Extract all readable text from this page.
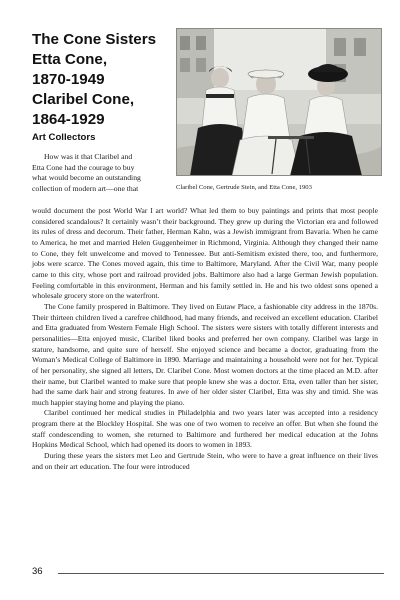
The Cone Sisters
Etta Cone,
1870-1949
Claribel Cone,
1864-1929
Art Collectors
Claribel Cone, Gertrude Stein, and Etta Cone, 1903
How was it that Claribel and
Etta Cone had the courage to buy
what would become an outstanding
collection of modern art—one that

would document the post World War I art world? What led them to buy paintings and prints that most people considered scandalous? It certainly wasn’t their background. They grew up during the Victorian era and followed its rules of dress and decorum. Their father, Herman Kahn, was a Jewish immigrant from Bavaria. When he came to America, he met and married Helen Guggenheimer in Richmond, Virginia. Although they changed their name to Cone, they felt unwelcome and moved to Tennessee. But anti-Semitism existed there, too, and furthermore, jobs were scarce. The Cones moved again, this time to Baltimore, Maryland. After the Civil War, many people came to this city, whose port and railroad provided jobs. Baltimore also had a large German Jewish population. Feeling comfortable in this environment, Herman and his family settled in. He and his two oldest sons opened a wholesale grocery store on the waterfront.

The Cone family prospered in Baltimore. They lived on Eutaw Place, a fashionable city address in the 1870s. Their thirteen children lived a carefree childhood, had many friends, and received an excellent education. Claribel and Etta graduated from Western Female High School. The sisters were sisters with totally different interests and personalities—Etta enjoyed music, Claribel liked books and preferred her own company. Claribel was large in stature, handsome, and quite sure of herself. She enjoyed science and became a doctor, graduating from the Woman’s Medical College of Baltimore in 1890. Marriage and maintaining a household were not for her. Typical of her personality, she signed all letters, Dr. Claribel Cone. Most women doctors at the time placed an M.D. after their name, but Claribel wanted to make sure that people knew she was a doctor. Etta, even taller than her sister, had the same dark hair and strong features. In awe of her older sister Claribel, Etta was shy and timid. She was much happier staying home and playing the piano.

Claribel continued her medical studies in Philadelphia and two years later was accepted into a residency program there at the Blockley Hospital. She was one of two women to receive an offer. But when she found the staff condescending to women, she returned to Baltimore and furthered her medical education at the Johns Hopkins Medical School, which had opened its doors to women in 1893.

During these years the sisters met Leo and Gertrude Stein, who were to have a great influence on their lives and on their art education. The four were introduced

36
